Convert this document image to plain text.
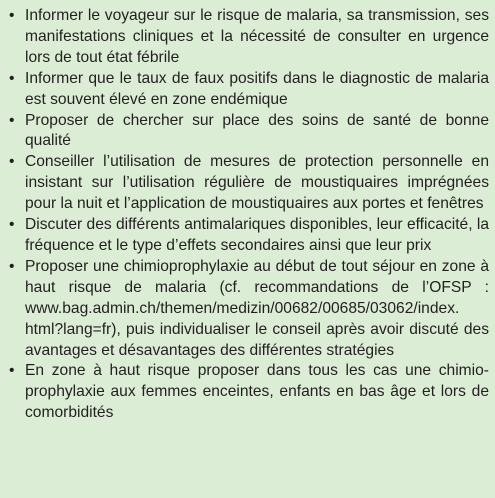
• Informer le voyageur sur le risque de malaria, sa transmission, ses manifestations cliniques et la nécessité de consulter en urgence lors de tout état fébrile
• Informer que le taux de faux positifs dans le diagnostic de malaria est souvent élevé en zone endémique
• Proposer de chercher sur place des soins de santé de bonne qualité
• Conseiller l’utilisation de mesures de protection personnelle en insistant sur l’utilisation régulière de moustiquaires imprégnées pour la nuit et l’application de moustiquaires aux portes et fenêtres
• Discuter des différents antimalariques disponibles, leur efficacité, la fréquence et le type d’effets secondaires ainsi que leur prix
• Proposer une chimioprophylaxie au début de tout séjour en zone à haut risque de malaria (cf. recommandations de l’OFSP : www.bag.admin.ch/themen/medizin/00682/00685/03062/index. html?lang=fr), puis individualiser le conseil après avoir discuté des avantages et désavantages des différentes stratégies
• En zone à haut risque proposer dans tous les cas une chimio-prophylaxie aux femmes enceintes, enfants en bas âge et lors de comorbidités
